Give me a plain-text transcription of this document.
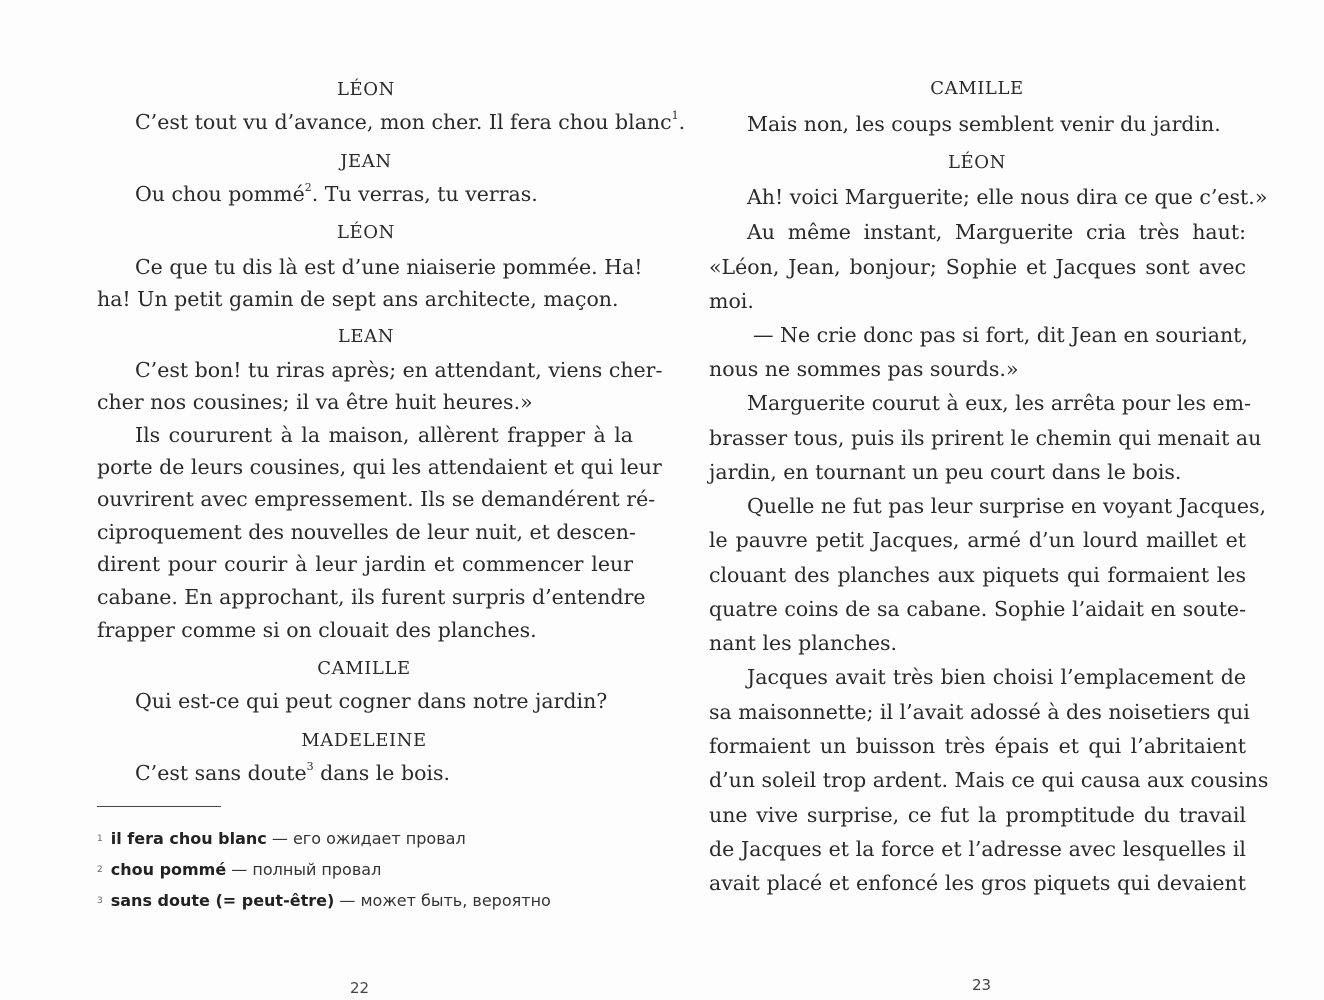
LÉON
C’est tout vu d’avance, mon cher. Il fera chou blanc$^1$.
JEAN
Ou chou pommé$^2$. Tu verras, tu verras.
LÉON
Ce que tu dis là est d’une niaiserie pommée. Ha!
ha! Un petit gamin de sept ans architecte, maçon.
LEAN
C’est bon! tu riras après; en attendant, viens cher-
cher nos cousines; il va être huit heures.»
Ils coururent à la maison, allèrent frapper à la
porte de leurs cousines, qui les attendaient et qui leur
ouvrirent avec empressement. Ils se demandérent ré-
ciproquement des nouvelles de leur nuit, et descen-
dirent pour courir à leur jardin et commencer leur
cabane. En approchant, ils furent surpris d’entendre
frapper comme si on clouait des planches.
CAMILLE
Qui est-ce qui peut cogner dans notre jardin?
MADELEINE
C’est sans doute$^3$ dans le bois.
1 il fera chou blanc — его ожидает провал
2 chou pommé — полный провал
3 sans doute (= peut-être) — может быть, вероятно
22
CAMILLE
Mais non, les coups semblent venir du jardin.
LÉON
Ah! voici Marguerite; elle nous dira ce que c’est.»
Au même instant, Marguerite cria très haut:
«Léon, Jean, bonjour; Sophie et Jacques sont avec
moi.
— Ne crie donc pas si fort, dit Jean en souriant,
nous ne sommes pas sourds.»
Marguerite courut à eux, les arrêta pour les em-
brasser tous, puis ils prirent le chemin qui menait au
jardin, en tournant un peu court dans le bois.
Quelle ne fut pas leur surprise en voyant Jacques,
le pauvre petit Jacques, armé d’un lourd maillet et
clouant des planches aux piquets qui formaient les
quatre coins de sa cabane. Sophie l’aidait en soute-
nant les planches.
Jacques avait très bien choisi l’emplacement de
sa maisonnette; il l’avait adossé à des noisetiers qui
formaient un buisson très épais et qui l’abritaient
d’un soleil trop ardent. Mais ce qui causa aux cousins
une vive surprise, ce fut la promptitude du travail
de Jacques et la force et l’adresse avec lesquelles il
avait placé et enfoncé les gros piquets qui devaient
23
